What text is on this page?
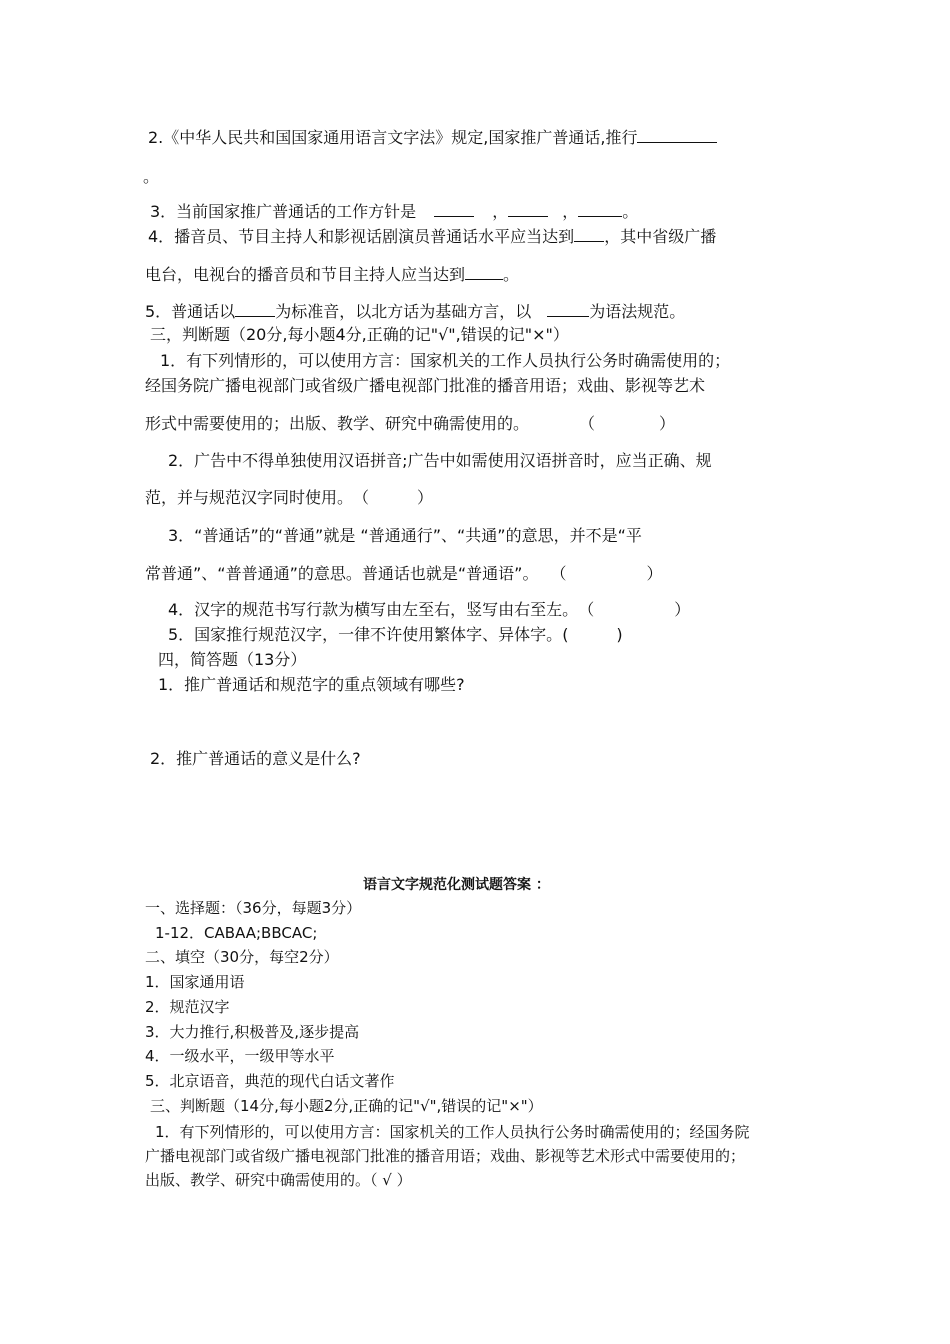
2.《中华人民共和国国家通用语言文字法》规定,国家推广普通话,推行
。
3．当前国家推广普通话的工作方针是	，	，	。
4．播音员、节目主持人和影视话剧演员普通话水平应当达到 ，其中省级广播
电台，电视台的播音员和节目主持人应当达到 。
5．普通话以	为标准音，以北方话为基础方言，以	为语法规范。
三，判断题（20分,每小题4分,正确的记"√",错误的记"×"）
1．有下列情形的，可以使用方言：国家机关的工作人员执行公务时确需使用的；
经国务院广播电视部门或省级广播电视部门批准的播音用语；戏曲、影视等艺术
形式中需要使用的；出版、教学、研究中确需使用的。	（　　　　）
2．广告中不得单独使用汉语拼音;广告中如需使用汉语拼音时，应当正确、规
范，并与规范汉字同时使用。（　　　）
3．“普通话”的“普通”就是 “普通通行”、“共通”的意思，并不是“平
常普通”、“普普通通”的意思。普通话也就是“普通语”。 （　　　　　）
4．汉字的规范书写行款为横写由左至右，竖写由右至左。（　　　　　）
5．国家推行规范汉字，一律不许使用繁体字、异体字。(　　　)
四，简答题（13分）
1．推广普通话和规范字的重点领域有哪些?
2．推广普通话的意义是什么?
语言文字规范化测试题答案 ：
一、选择题：（36分，每题3分）
1-12．CABAA;BBCAC;
二、填空（30分，每空2分）
1．国家通用语
2．规范汉字
3．大力推行,积极普及,逐步提高
4．一级水平，一级甲等水平
5．北京语音，典范的现代白话文著作
三、判断题（14分,每小题2分,正确的记"√",错误的记"×"）
1．有下列情形的，可以使用方言：国家机关的工作人员执行公务时确需使用的；经国务院
广播电视部门或省级广播电视部门批准的播音用语；戏曲、影视等艺术形式中需要使用的；
出版、教学、研究中确需使用的。（ √ ）
